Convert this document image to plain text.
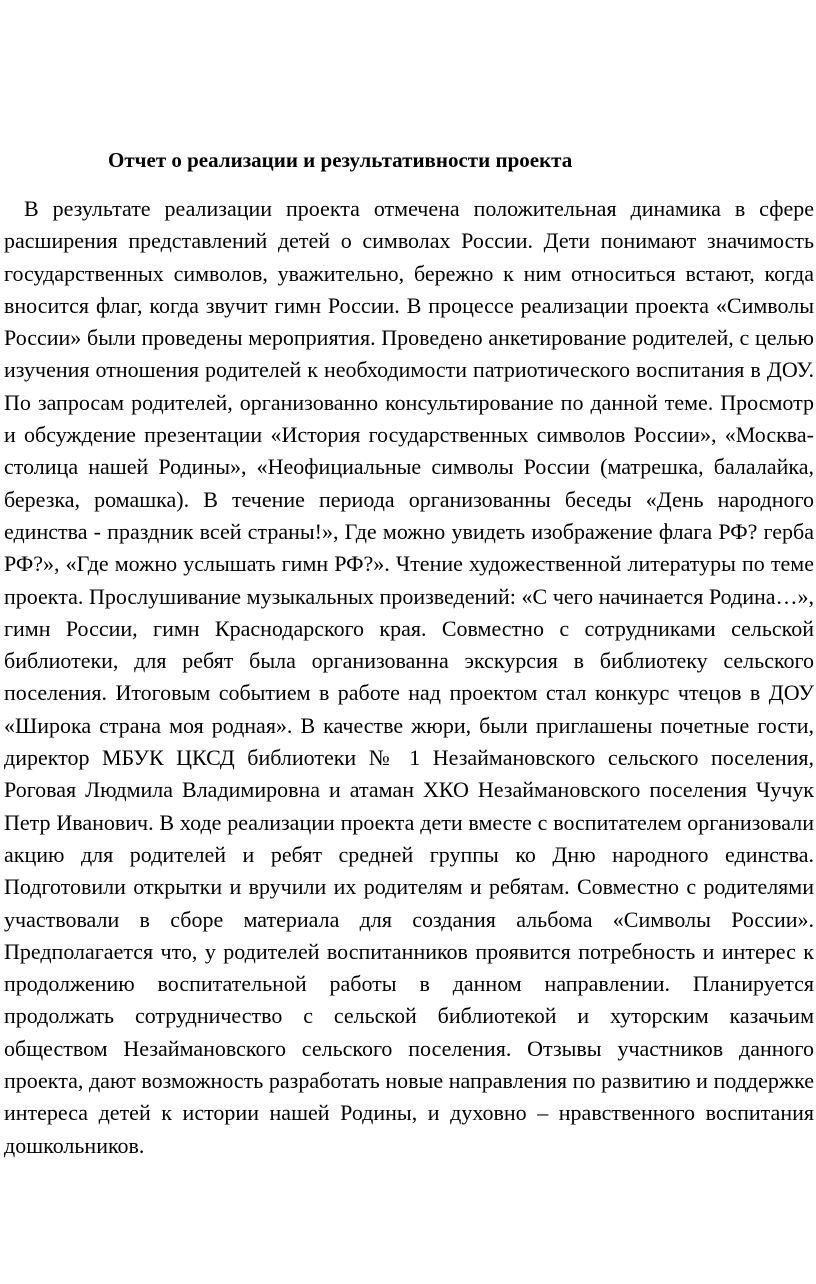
Отчет о реализации и результативности проекта

В результате реализации проекта отмечена положительная динамика в сфере расширения представлений детей о символах России. Дети понимают значимость государственных символов, уважительно, бережно к ним относиться встают, когда вносится флаг, когда звучит гимн России. В процессе реализации проекта «Символы России» были проведены мероприятия. Проведено анкетирование родителей, с целью изучения отношения родителей к необходимости патриотического воспитания в ДОУ. По запросам родителей, организованно консультирование по данной теме. Просмотр и обсуждение презентации «История государственных символов России», «Москва-столица нашей Родины», «Неофициальные символы России (матрешка, балалайка, березка, ромашка). В течение периода организованны беседы «День народного единства - праздник всей страны!», Где можно увидеть изображение флага РФ? герба РФ?», «Где можно услышать гимн РФ?». Чтение художественной литературы по теме проекта. Прослушивание музыкальных произведений: «С чего начинается Родина…», гимн России, гимн Краснодарского края. Совместно с сотрудниками сельской библиотеки, для ребят была организованна экскурсия в библиотеку сельского поселения. Итоговым событием в работе над проектом стал конкурс чтецов в ДОУ «Широка страна моя родная». В качестве жюри, были приглашены почетные гости, директор МБУК ЦКСД библиотеки № 1 Незаймановского сельского поселения, Роговая Людмила Владимировна и атаман ХКО Незаймановского поселения Чучук Петр Иванович. В ходе реализации проекта дети вместе с воспитателем организовали акцию для родителей и ребят средней группы ко Дню народного единства. Подготовили открытки и вручили их родителям и ребятам. Совместно с родителями участвовали в сборе материала для создания альбома «Символы России». Предполагается что, у родителей воспитанников проявится потребность и интерес к продолжению воспитательной работы в данном направлении. Планируется продолжать сотрудничество с сельской библиотекой и хуторским казачьим обществом Незаймановского сельского поселения. Отзывы участников данного проекта, дают возможность разработать новые направления по развитию и поддержке интереса детей к истории нашей Родины, и духовно – нравственного воспитания дошкольников.
